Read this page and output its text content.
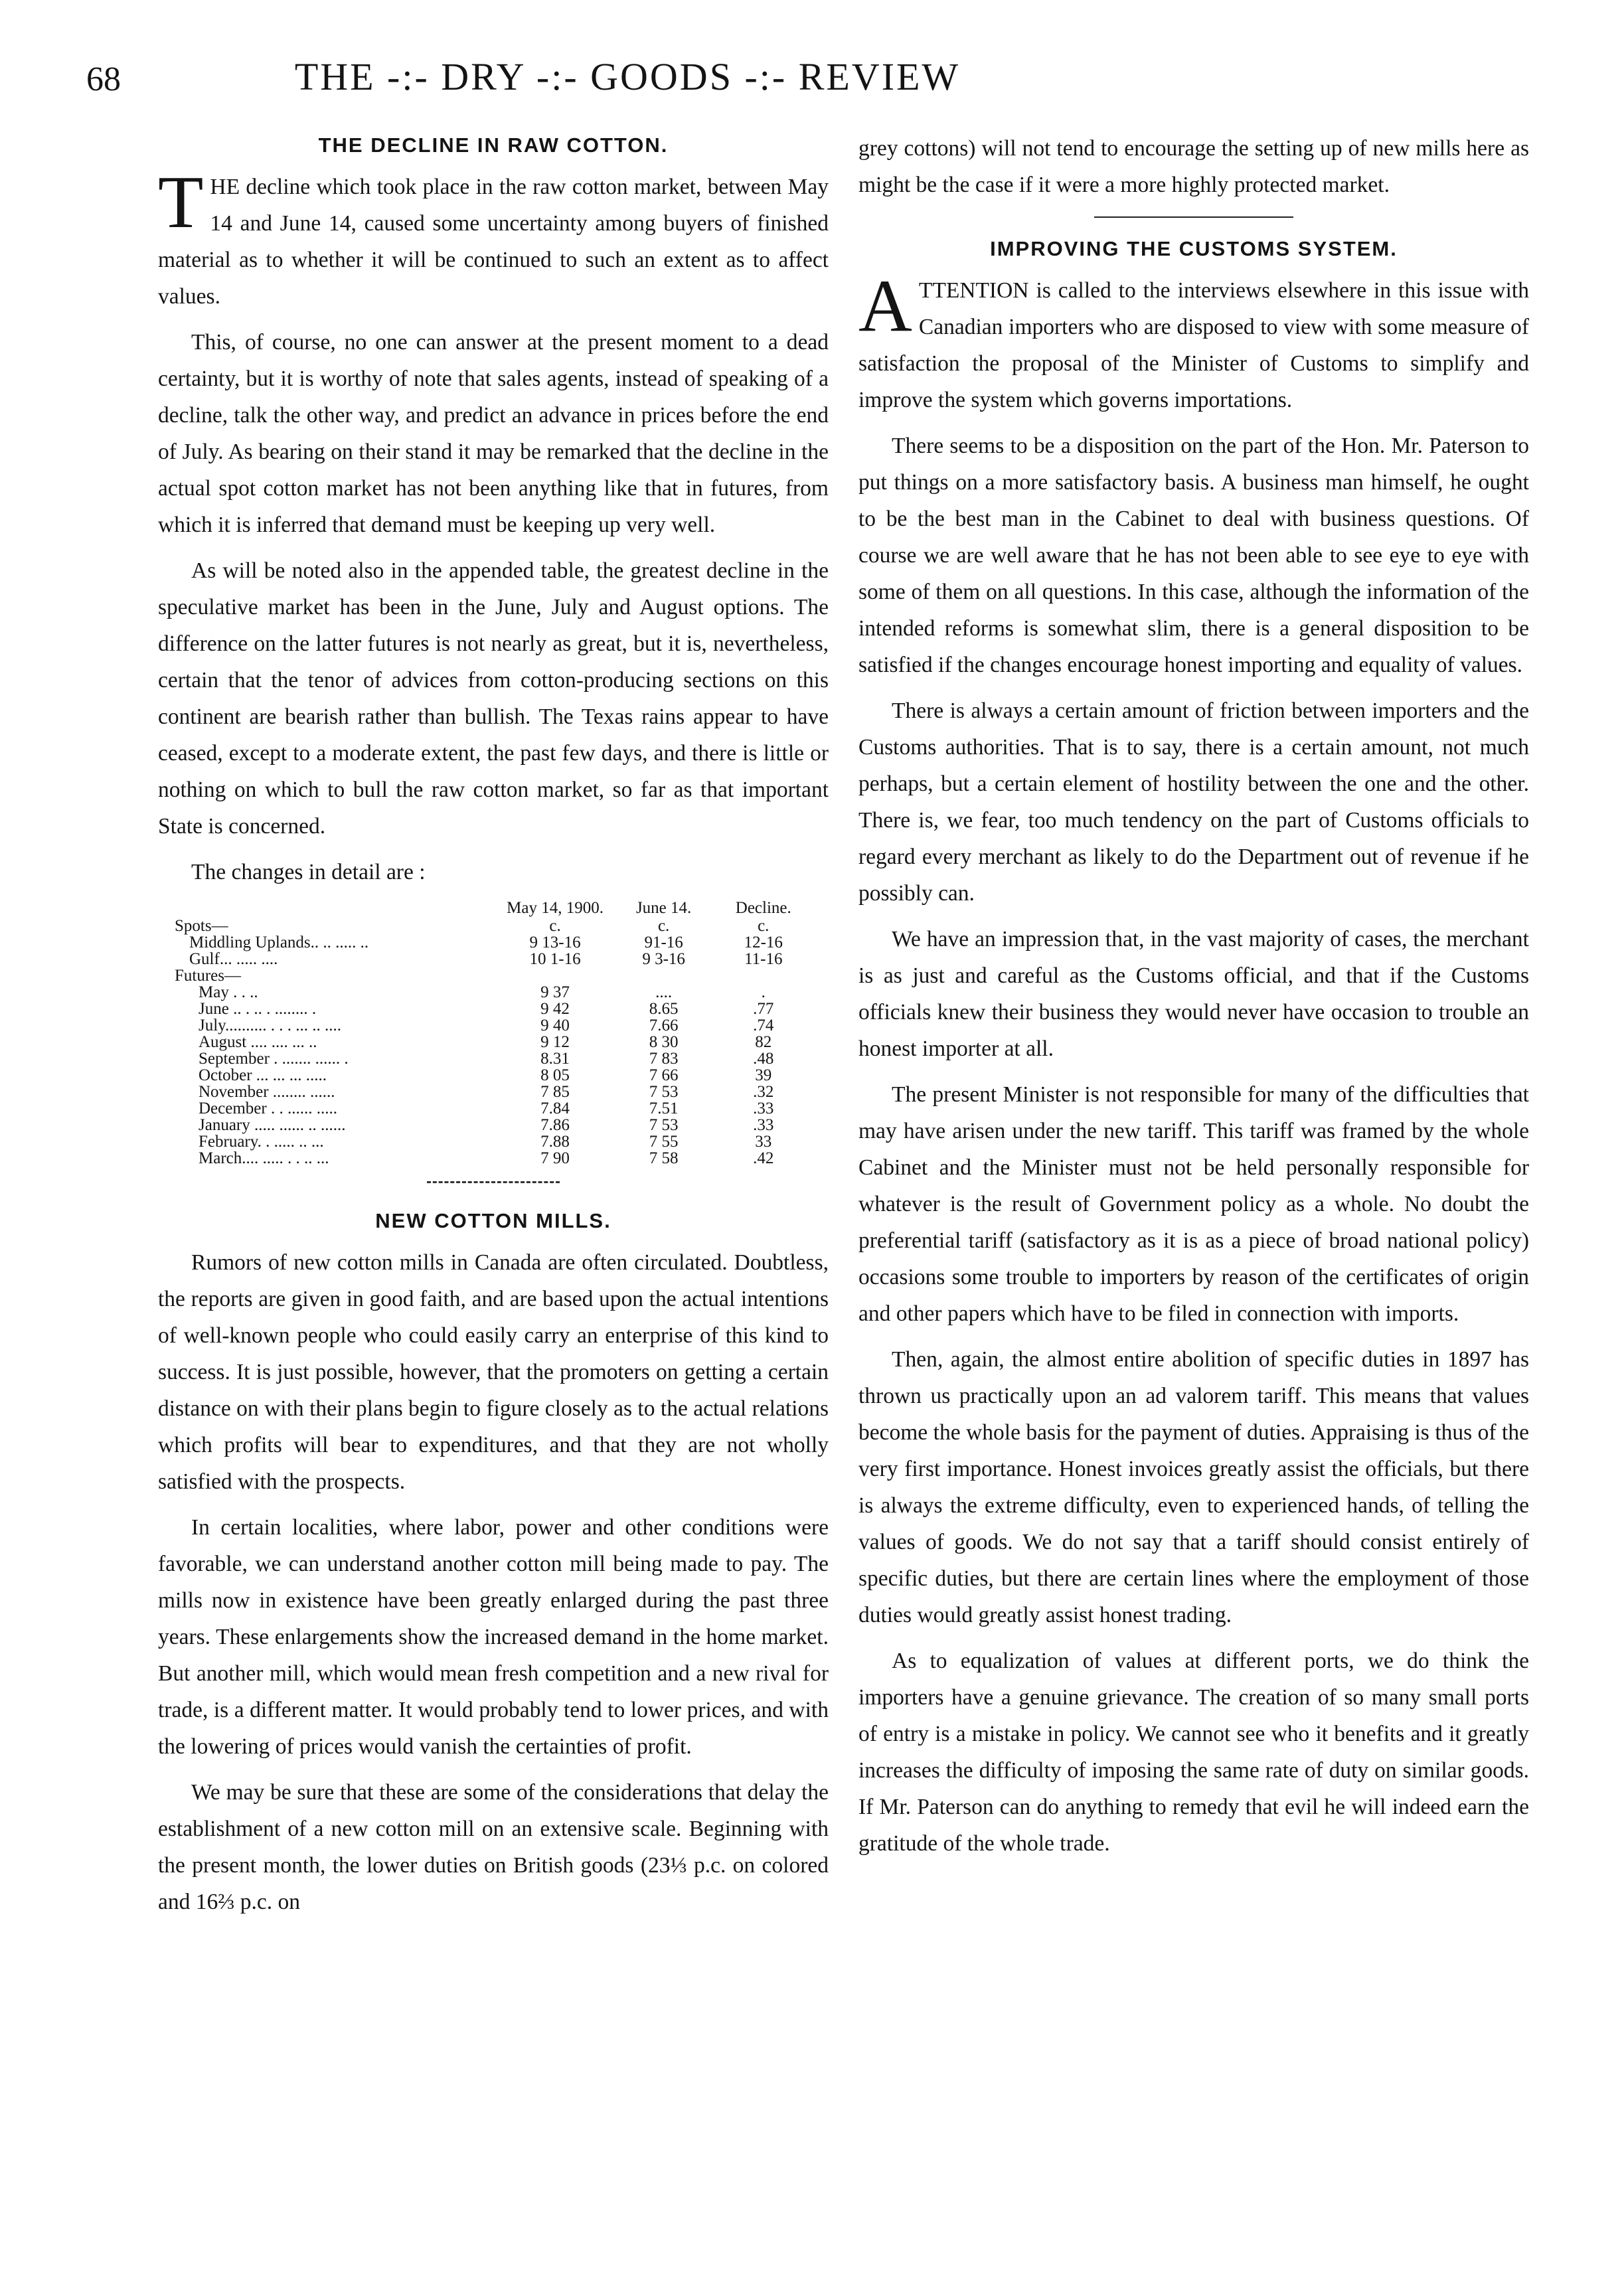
68	THE -:- DRY -:- GOODS -:- REVIEW
THE DECLINE IN RAW COTTON.

THE decline which took place in the raw cotton market, between May 14 and June 14, caused some uncertainty among buyers of finished material as to whether it will be continued to such an extent as to affect values.

This, of course, no one can answer at the present moment to a dead certainty, but it is worthy of note that sales agents, instead of speaking of a decline, talk the other way, and predict an advance in prices before the end of July. As bearing on their stand it may be remarked that the decline in the actual spot cotton market has not been anything like that in futures, from which it is inferred that demand must be keeping up very well.

As will be noted also in the appended table, the greatest decline in the speculative market has been in the June, July and August options. The difference on the latter futures is not nearly as great, but it is, nevertheless, certain that the tenor of advices from cotton-producing sections on this continent are bearish rather than bullish. The Texas rains appear to have ceased, except to a moderate extent, the past few days, and there is little or nothing on which to bull the raw cotton market, so far as that important State is concerned.

The changes in detail are :

	May 14, 1900.	June 14.	Decline.
Spots—	c.	c.	c.
Middling Uplands.. .. ..... ..	9 13-16	91-16	12-16
Gulf... ..... ....	10 1-16	9 3-16	11-16
Futures—			
May . . ..	9 37	....	.
June .. . .. . ........ .	9 42	8.65	.77
July.......... . . . ... .. ....	9 40	7.66	.74
August .... .... ... ..	9 12	8 30	82
September . ....... ...... .	8.31	7 83	.48
October ... ... ... .....	8 05	7 66	39
November ........ ......	7 85	7 53	.32
December . . ...... .....	7.84	7.51	.33
January ..... ...... .. ......	7.86	7 53	.33
February. . ..... .. ...	7.88	7 55	33
March.... ..... . . .. ...	7 90	7 58	.42
NEW COTTON MILLS.

Rumors of new cotton mills in Canada are often circulated. Doubtless, the reports are given in good faith, and are based upon the actual intentions of well-known people who could easily carry an enterprise of this kind to success. It is just possible, however, that the promoters on getting a certain distance on with their plans begin to figure closely as to the actual relations which profits will bear to expenditures, and that they are not wholly satisfied with the prospects.

In certain localities, where labor, power and other conditions were favorable, we can understand another cotton mill being made to pay. The mills now in existence have been greatly enlarged during the past three years. These enlargements show the increased demand in the home market. But another mill, which would mean fresh competition and a new rival for trade, is a different matter. It would probably tend to lower prices, and with the lowering of prices would vanish the certainties of profit.

We may be sure that these are some of the considerations that delay the establishment of a new cotton mill on an extensive scale. Beginning with the present month, the lower duties on British goods (23⅓ p.c. on colored and 16⅔ p.c. on

grey cottons) will not tend to encourage the setting up of new mills here as might be the case if it were a more highly protected market.

IMPROVING THE CUSTOMS SYSTEM.

ATTENTION is called to the interviews elsewhere in this issue with Canadian importers who are disposed to view with some measure of satisfaction the proposal of the Minister of Customs to simplify and improve the system which governs importations.

There seems to be a disposition on the part of the Hon. Mr. Paterson to put things on a more satisfactory basis. A business man himself, he ought to be the best man in the Cabinet to deal with business questions. Of course we are well aware that he has not been able to see eye to eye with some of them on all questions. In this case, although the information of the intended reforms is somewhat slim, there is a general disposition to be satisfied if the changes encourage honest importing and equality of values.

There is always a certain amount of friction between importers and the Customs authorities. That is to say, there is a certain amount, not much perhaps, but a certain element of hostility between the one and the other. There is, we fear, too much tendency on the part of Customs officials to regard every merchant as likely to do the Department out of revenue if he possibly can.

We have an impression that, in the vast majority of cases, the merchant is as just and careful as the Customs official, and that if the Customs officials knew their business they would never have occasion to trouble an honest importer at all.

The present Minister is not responsible for many of the difficulties that may have arisen under the new tariff. This tariff was framed by the whole Cabinet and the Minister must not be held personally responsible for whatever is the result of Government policy as a whole. No doubt the preferential tariff (satisfactory as it is as a piece of broad national policy) occasions some trouble to importers by reason of the certificates of origin and other papers which have to be filed in connection with imports.

Then, again, the almost entire abolition of specific duties in 1897 has thrown us practically upon an ad valorem tariff. This means that values become the whole basis for the payment of duties. Appraising is thus of the very first importance. Honest invoices greatly assist the officials, but there is always the extreme difficulty, even to experienced hands, of telling the values of goods. We do not say that a tariff should consist entirely of specific duties, but there are certain lines where the employment of those duties would greatly assist honest trading.

As to equalization of values at different ports, we do think the importers have a genuine grievance. The creation of so many small ports of entry is a mistake in policy. We cannot see who it benefits and it greatly increases the difficulty of imposing the same rate of duty on similar goods. If Mr. Paterson can do anything to remedy that evil he will indeed earn the gratitude of the whole trade.
